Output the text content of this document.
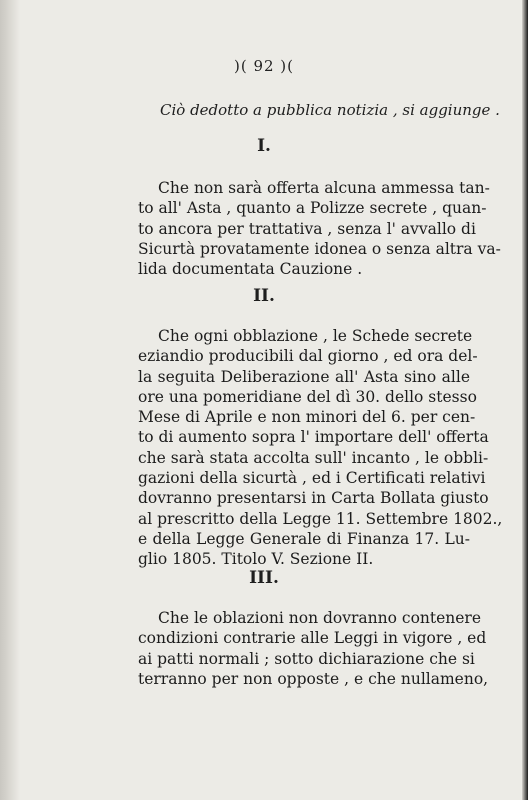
)( 92 )(
Ciò dedotto a pubblica notizia , si aggiunge .
I.
Che non sarà offerta alcuna ammessa tan-
to all' Asta , quanto a Polizze secrete , quan-
to ancora per trattativa , senza l' avvallo di
Sicurtà provatamente idonea o senza altra va-
lida documentata Cauzione .
II.
Che ogni obblazione , le Schede secrete
eziandio producibili dal giorno , ed ora del-
la seguita Deliberazione all' Asta sino alle
ore una pomeridiane del dì 30. dello stesso
Mese di Aprile e non minori del 6. per cen-
to di aumento sopra l' importare dell' offerta
che sarà stata accolta sull' incanto , le obbli-
gazioni della sicurtà , ed i Certificati relativi
dovranno presentarsi in Carta Bollata giusto
al prescritto della Legge 11. Settembre 1802.,
e della Legge Generale di Finanza 17. Lu-
glio 1805. Titolo V. Sezione II.
III.
Che le oblazioni non dovranno contenere
condizioni contrarie alle Leggi in vigore , ed
ai patti normali ; sotto dichiarazione che si
terranno per non opposte , e che nullameno,
